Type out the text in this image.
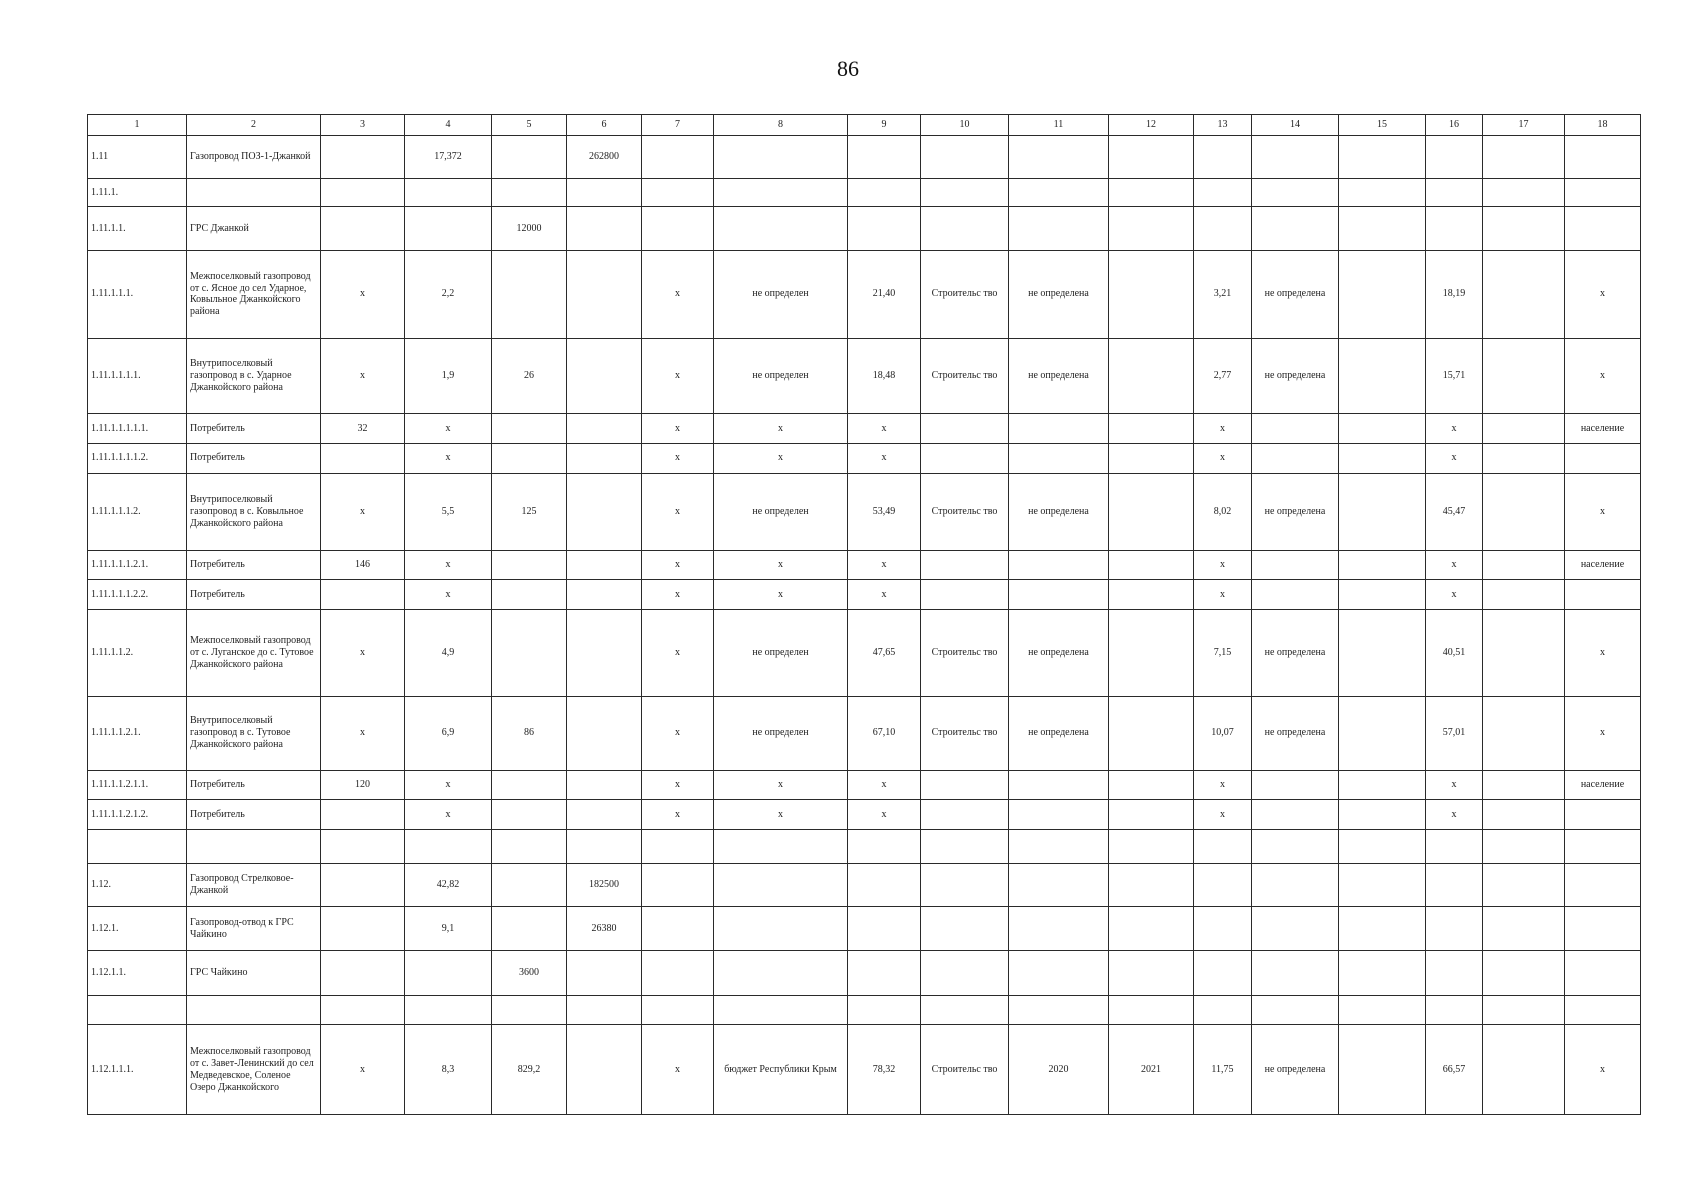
86
1	2	3	4	5	6	7	8	9	10	11	12	13	14	15	16	17	18
1.11	Газопровод ПОЗ-1-Джанкой		17,372		262800												
1.11.1.																	
1.11.1.1.	ГРС Джанкой			12000													
1.11.1.1.1.	Межпоселковый газопровод от с. Ясное до сел Ударное, Ковыльное Джанкойского района	x	2,2			x	не определен	21,40	Строительс тво	не определена		3,21	не определена		18,19		x
1.11.1.1.1.1.	Внутрипоселковый газопровод в с. Ударное Джанкойского района	x	1,9	26		x	не определен	18,48	Строительс тво	не определена		2,77	не определена		15,71		x
1.11.1.1.1.1.1.	Потребитель	32	x			x	x	x				x			x		население
1.11.1.1.1.1.2.	Потребитель		x			x	x	x				x			x		
1.11.1.1.1.2.	Внутрипоселковый газопровод в с. Ковыльное Джанкойского района	x	5,5	125		x	не определен	53,49	Строительс тво	не определена		8,02	не определена		45,47		x
1.11.1.1.1.2.1.	Потребитель	146	x			x	x	x				x			x		население
1.11.1.1.1.2.2.	Потребитель		x			x	x	x				x			x		
1.11.1.1.2.	Межпоселковый газопровод от с. Луганское до с. Тутовое Джанкойского района	x	4,9			x	не определен	47,65	Строительс тво	не определена		7,15	не определена		40,51		x
1.11.1.1.2.1.	Внутрипоселковый газопровод в с. Тутовое Джанкойского района	x	6,9	86		x	не определен	67,10	Строительс тво	не определена		10,07	не определена		57,01		x
1.11.1.1.2.1.1.	Потребитель	120	x			x	x	x				x			x		население
1.11.1.1.2.1.2.	Потребитель		x			x	x	x				x			x		

1.12.	Газопровод Стрелковое-Джанкой		42,82		182500												
1.12.1.	Газопровод-отвод к ГРС Чайкино		9,1		26380												
1.12.1.1.	ГРС Чайкино			3600													

1.12.1.1.1.	Межпоселковый газопровод от с. Завет-Ленинский до сел Медведевское, Соленое Озеро Джанкойского	x	8,3	829,2		x	бюджет Республики Крым	78,32	Строительс тво	2020	2021	11,75	не определена		66,57		x
